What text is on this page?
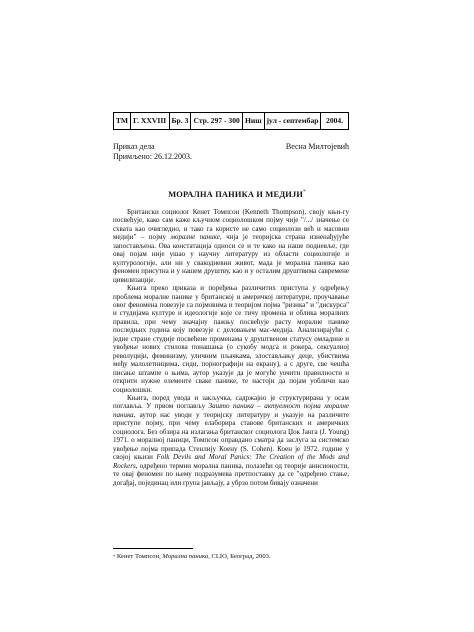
ТМ Г. XXVIII Бр. 3 Стр. 297 - 300 Ниш јул - септембар 2004.
Приказ дела
Примљено: 26.12.2003.
Весна Милтојевић
МОРАЛНА ПАНИКА И МЕДИЈИ*

Британски социолог Кенет Томпсон (Kenneth Thompson), своју књи-гу посвећује, како сам каже кључном социолошком појму чије "/.../ значење се схвата као очигледно, и тако га користе не само социолози већ и масовни медији" – појму моралне панике, чија је теоријска страна изненађујуће запостављена. Ова констатација односи се и те како на наше подневље, где овај појам није ушао у научну литературу из области социологије и културологије, али ни у свакодневни живот, мада је морална паника као феномен присутна и у нашем друштву, као и у осталим друштвима савремене цивилизације.

Књига преко приказа и поређења различитих приступа у одређењу проблема моралне панике у британској и америчкој литератури, проучавање овог феномена повезује са појмовима и теоријом појма "ризика" и "дискурса" и студијама културе и идеологије које се тичу промена и облика моралних правила, при чему значајну пажњу посвећује расту моралне панике последњих година коју повезује с деловањем мас-медија. Анализирајући с једне стране студије посвећене променама у друштвеном статусу омладине и увођење нових стилова понашања (о сукобу модса и рокера, сексуалној револуцији, феминизму, уличним пљачкама, злостављању деце, убиствима међу малолетницима, сиди, порнографији на екрану), а с друге, све чешћа писање штампе о њима, аутор указује да је могуће уочити правилности и открити нужне елементе сваке панике, те настоји да појам уобличи као социолошки.

Књига, поред увода и закључка, садржајно је структурирана у осам поглавља. У првом поглављу Зашто паника – актуелност појма моралне паника, аутор нас уводи у теоријску литературу и указује на различите приступе појму, при чему елаборира ставове британских и америчких социолога. Без обзира на излагања британског социолога Џок Јанга (J. Young) 1971. о моралној паници, Томпсон оправдано сматра да заслуга за системско увођење појма припада Стенлију Коену (S. Cohen). Коен је 1972. године у својој књизи Folk Devils and Moral Panics: The Creation of the Mods and Rockers, одређено термин морална паника, полазећи од теорије аннсионости, те овај феномен по њему подразумева претпоставку да се "одређено стање, догађај, појединац или група јављају, а убрзо потом бивају означени

* Кенет Томпсон, Морална паника, CLIO, Београд, 2003.
